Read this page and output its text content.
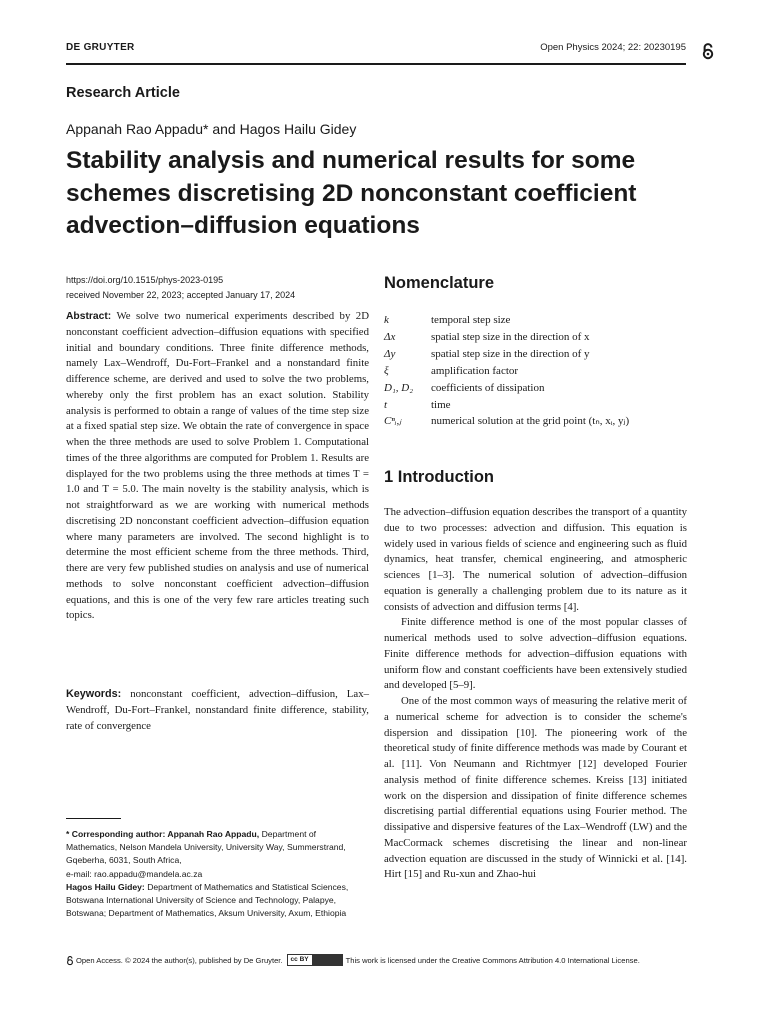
DE GRUYTER	Open Physics 2024; 22: 20230195
Research Article
Appanah Rao Appadu* and Hagos Hailu Gidey
Stability analysis and numerical results for some schemes discretising 2D nonconstant coefficient advection–diffusion equations
https://doi.org/10.1515/phys-2023-0195
received November 22, 2023; accepted January 17, 2024
Abstract: We solve two numerical experiments described by 2D nonconstant coefficient advection–diffusion equations with specified initial and boundary conditions. Three finite difference methods, namely Lax–Wendroff, Du-Fort–Frankel and a nonstandard finite difference scheme, are derived and used to solve the two problems, whereby only the first problem has an exact solution. Stability analysis is performed to obtain a range of values of the time step size at a fixed spatial step size. We obtain the rate of convergence in space when the three methods are used to solve Problem 1. Computational times of the three algorithms are computed for Problem 1. Results are displayed for the two problems using the three methods at times T = 1.0 and T = 5.0. The main novelty is the stability analysis, which is not straightforward as we are working with numerical methods discretising 2D nonconstant coefficient advection–diffusion equation where many parameters are involved. The second highlight is to determine the most efficient scheme from the three methods. Third, there are very few published studies on analysis and use of numerical methods to solve nonconstant coefficient advection–diffusion equations, and this is one of the very few rare articles treating such topics.
Keywords: nonconstant coefficient, advection–diffusion, Lax–Wendroff, Du-Fort–Frankel, nonstandard finite difference, stability, rate of convergence
* Corresponding author: Appanah Rao Appadu, Department of Mathematics, Nelson Mandela University, University Way, Summerstrand, Gqeberha, 6031, South Africa,
e-mail: rao.appadu@mandela.ac.za
Hagos Hailu Gidey: Department of Mathematics and Statistical Sciences, Botswana International University of Science and Technology, Palapye, Botswana; Department of Mathematics, Aksum University, Axum, Ethiopia
Nomenclature
k	temporal step size
Δx	spatial step size in the direction of x
Δy	spatial step size in the direction of y
ξ	amplification factor
D₁, D₂	coefficients of dissipation
t	time
Cⁿᵢ,ⱼ	numerical solution at the grid point (tₙ, xᵢ, yⱼ)
1 Introduction

The advection–diffusion equation describes the transport of a quantity due to two processes: advection and diffusion. This equation is widely used in various fields of science and engineering such as fluid dynamics, heat transfer, chemical engineering, and atmospheric sciences [1–3]. The numerical solution of advection–diffusion equation is generally a challenging problem due to its nature as it consists of advection and diffusion terms [4].

Finite difference method is one of the most popular classes of numerical methods used to solve advection–diffusion equations. Finite difference methods for advection–diffusion equations with uniform flow and constant coefficients have been extensively studied and developed [5–9].

One of the most common ways of measuring the relative merit of a numerical scheme for advection is to consider the scheme's dispersion and dissipation [10]. The pioneering work of the theoretical study of finite difference methods was made by Courant et al. [11]. Von Neumann and Richtmyer [12] developed Fourier analysis method of finite difference schemes. Kreiss [13] initiated work on the dispersion and dissipation of finite difference schemes discretising partial differential equations using Fourier method. The dissipative and dispersive features of the Lax–Wendroff (LW) and the MacCormack schemes discretising the linear and non-linear advection equation are discussed in the study of Winnicki et al. [14]. Hirt [15] and Ru-xun and Zhao-hui

Open Access. © 2024 the author(s), published by De Gruyter.	cc BY	This work is licensed under the Creative Commons Attribution 4.0 International License.
